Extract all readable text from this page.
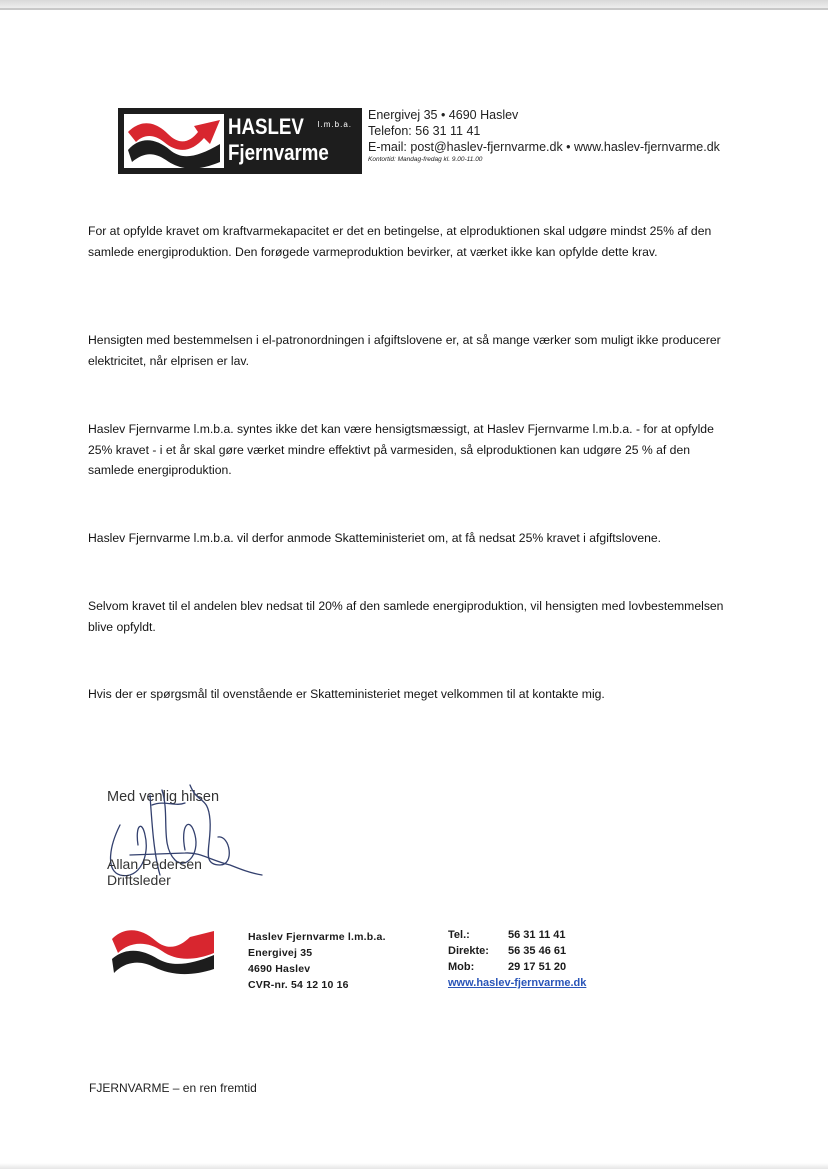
HASLEV l.m.b.a.
Fjernvarme
Energivej 35 • 4690 Haslev
Telefon: 56 31 11 41
E-mail: post@haslev-fjernvarme.dk • www.haslev-fjernvarme.dk
Kontortid: Mandag-fredag kl. 9.00-11.00
For at opfylde kravet om kraftvarmekapacitet er det en betingelse, at elproduktionen skal udgøre mindst 25% af den samlede energiproduktion. Den forøgede varmeproduktion bevirker, at værket ikke kan opfylde dette krav.
Hensigten med bestemmelsen i el-patronordningen i afgiftslovene er, at så mange værker som muligt ikke producerer elektricitet, når elprisen er lav.
Haslev Fjernvarme l.m.b.a. syntes ikke det kan være hensigtsmæssigt, at Haslev Fjernvarme l.m.b.a. - for at opfylde 25% kravet - i et år skal gøre værket mindre effektivt på varmesiden, så elproduktionen kan udgøre 25 % af den samlede energiproduktion.
Haslev Fjernvarme l.m.b.a. vil derfor anmode Skatteministeriet om, at få nedsat 25% kravet i afgiftslovene.
Selvom kravet til el andelen blev nedsat til 20% af den samlede energiproduktion, vil hensigten med lovbestemmelsen blive opfyldt.
Hvis der er spørgsmål til ovenstående er Skatteministeriet meget velkommen til at kontakte mig.
Med venlig hilsen
Allan Pedersen
Driftsleder
Haslev Fjernvarme l.m.b.a.
Energivej 35
4690 Haslev
CVR-nr. 54 12 10 16
Tel.:	56 31 11 41
Direkte:	56 35 46 61
Mob:	29 17 51 20
www.haslev-fjernvarme.dk
FJERNVARME – en ren fremtid
